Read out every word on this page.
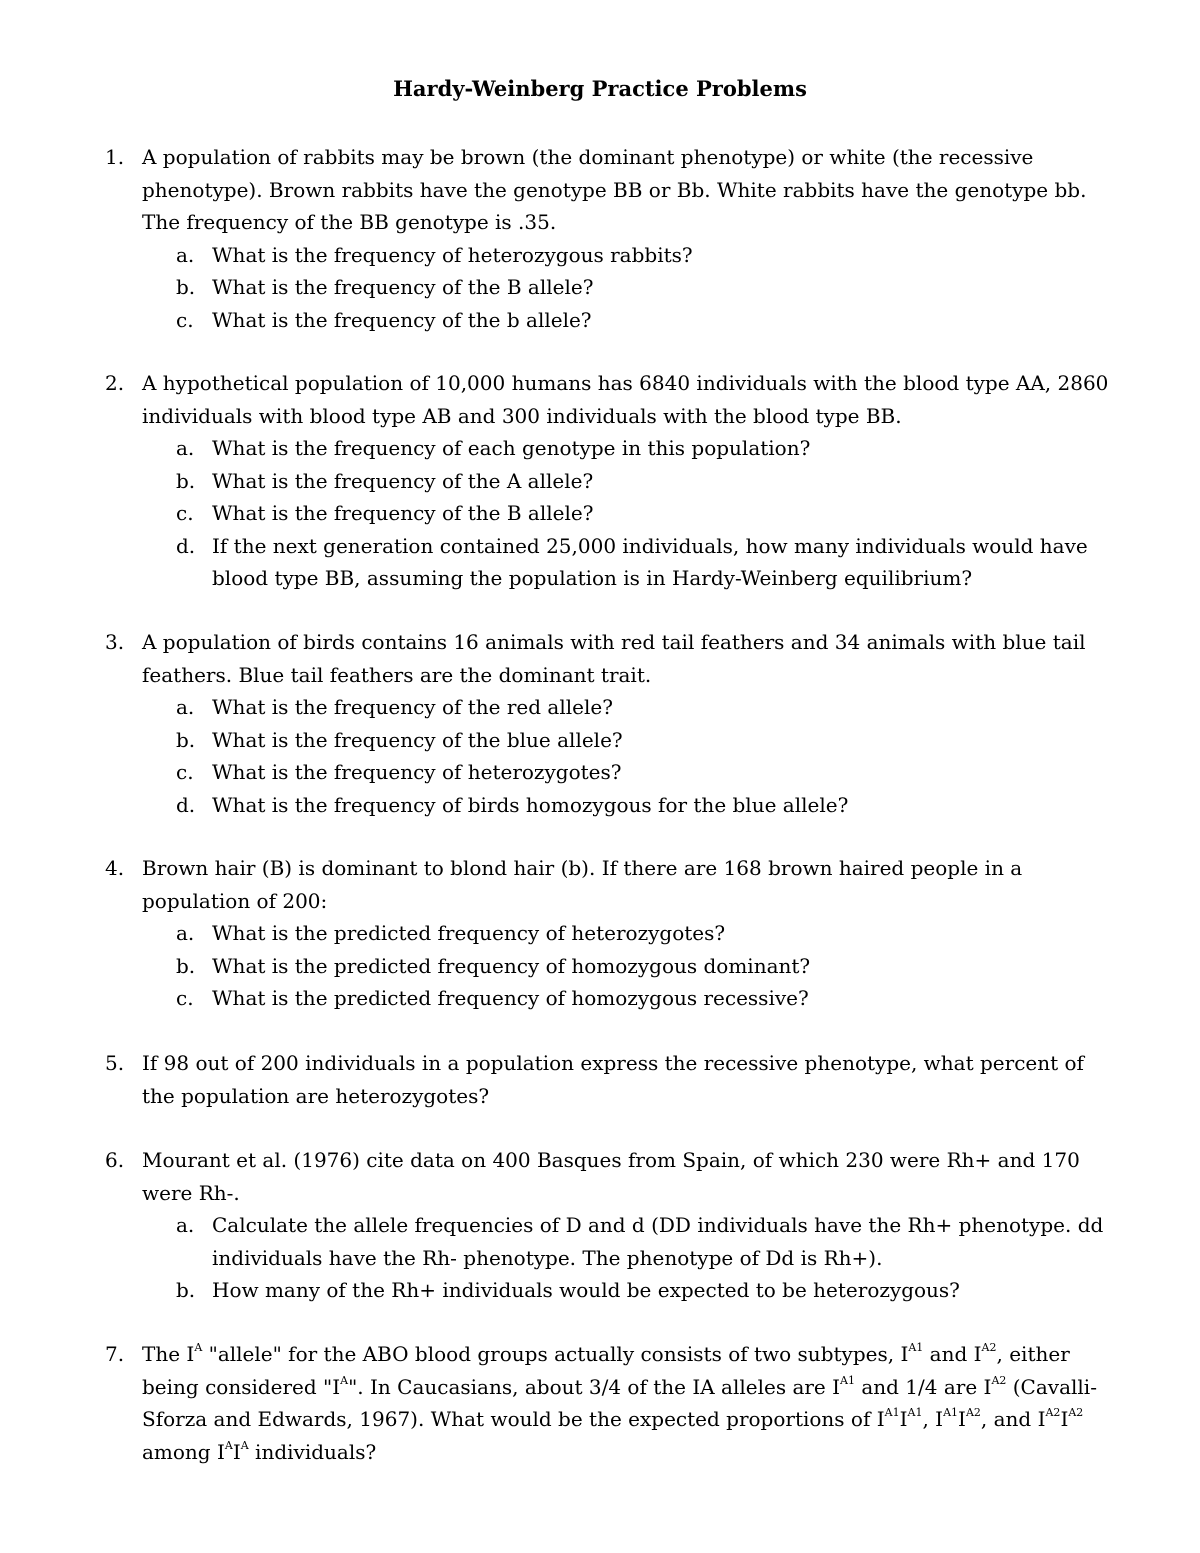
Hardy-Weinberg Practice Problems
1. A population of rabbits may be brown (the dominant phenotype) or white (the recessive phenotype). Brown rabbits have the genotype BB or Bb. White rabbits have the genotype bb. The frequency of the BB genotype is .35.
a. What is the frequency of heterozygous rabbits?
b. What is the frequency of the B allele?
c. What is the frequency of the b allele?
2. A hypothetical population of 10,000 humans has 6840 individuals with the blood type AA, 2860 individuals with blood type AB and 300 individuals with the blood type BB.
a. What is the frequency of each genotype in this population?
b. What is the frequency of the A allele?
c. What is the frequency of the B allele?
d. If the next generation contained 25,000 individuals, how many individuals would have blood type BB, assuming the population is in Hardy-Weinberg equilibrium?
3. A population of birds contains 16 animals with red tail feathers and 34 animals with blue tail feathers. Blue tail feathers are the dominant trait.
a. What is the frequency of the red allele?
b. What is the frequency of the blue allele?
c. What is the frequency of heterozygotes?
d. What is the frequency of birds homozygous for the blue allele?
4. Brown hair (B) is dominant to blond hair (b). If there are 168 brown haired people in a population of 200:
a. What is the predicted frequency of heterozygotes?
b. What is the predicted frequency of homozygous dominant?
c. What is the predicted frequency of homozygous recessive?
5. If 98 out of 200 individuals in a population express the recessive phenotype, what percent of the population are heterozygotes?
6. Mourant et al. (1976) cite data on 400 Basques from Spain, of which 230 were Rh+ and 170 were Rh-.
a. Calculate the allele frequencies of D and d (DD individuals have the Rh+ phenotype. dd individuals have the Rh- phenotype. The phenotype of Dd is Rh+).
b. How many of the Rh+ individuals would be expected to be heterozygous?
7. The $I^A$ "allele" for the ABO blood groups actually consists of two subtypes, $I^{A1}$ and $I^{A2}$, either being considered "$I^A$". In Caucasians, about 3/4 of the IA alleles are $I^{A1}$ and 1/4 are $I^{A2}$ (Cavalli-Sforza and Edwards, 1967). What would be the expected proportions of $I^{A1}I^{A1}$, $I^{A1}I^{A2}$, and $I^{A2}I^{A2}$ among $I^AI^A$ individuals?
